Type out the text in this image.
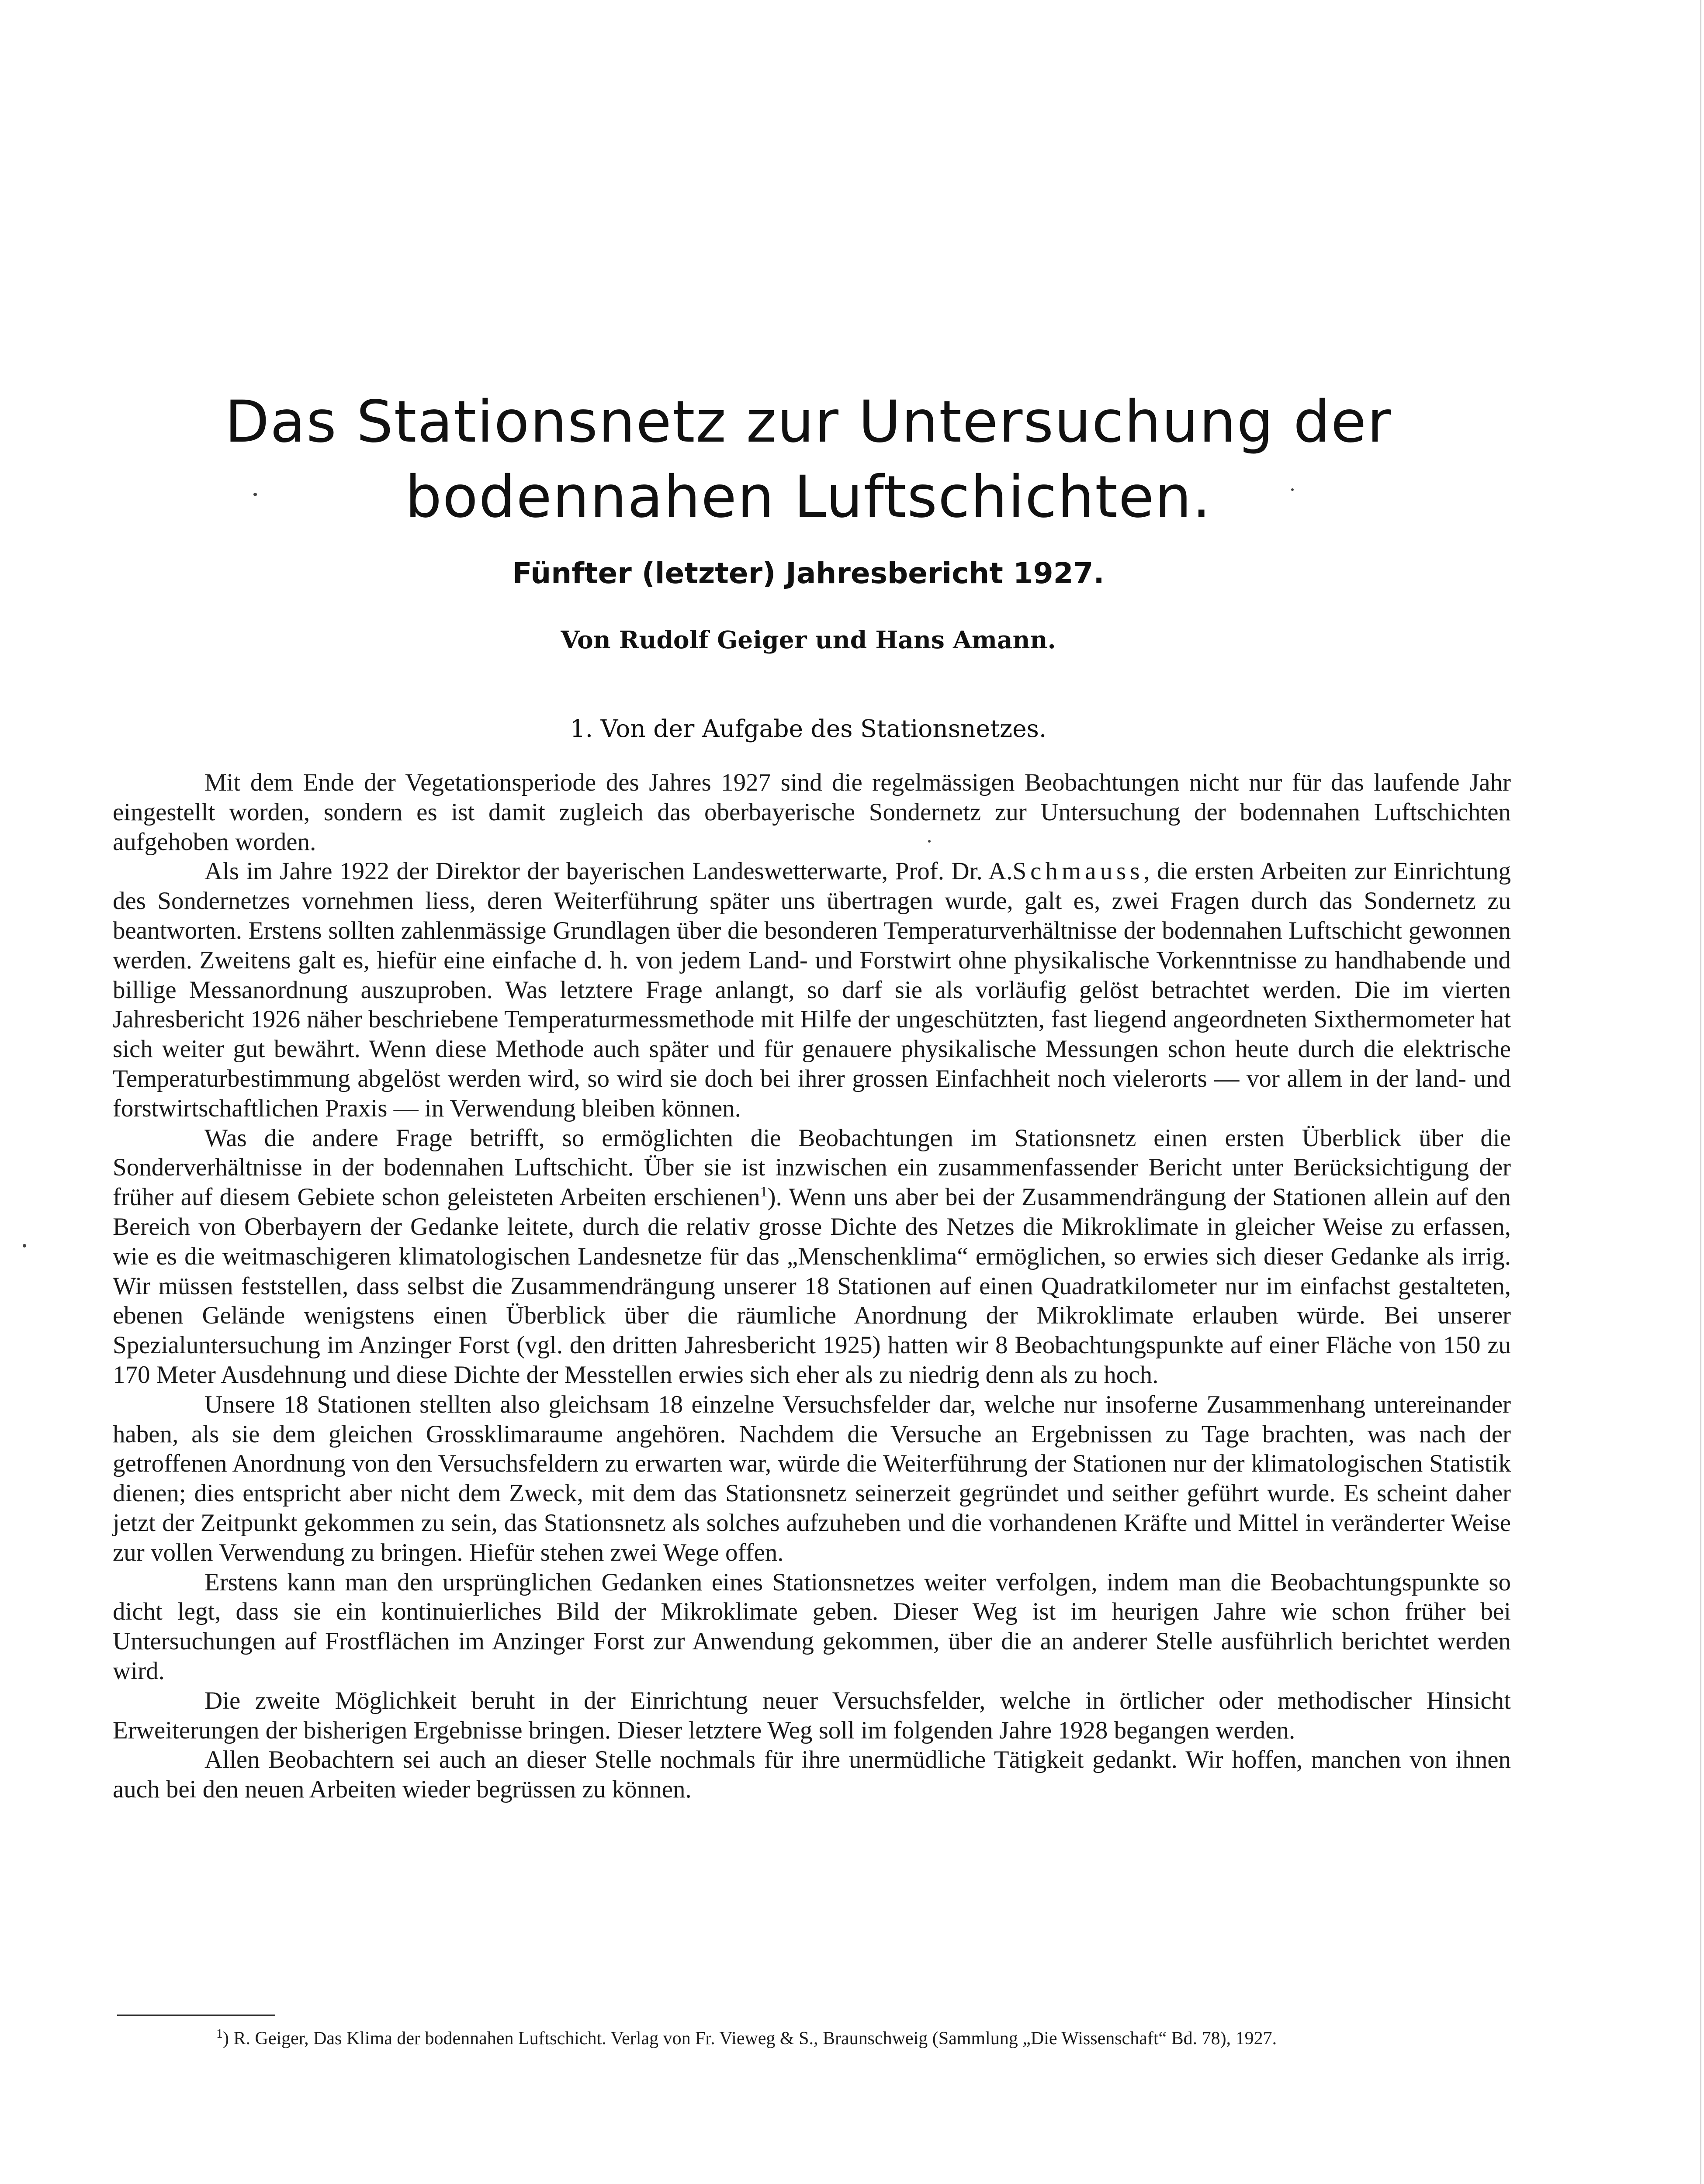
Das Stationsnetz zur Untersuchung der
bodennahen Luftschichten.
Fünfter (letzter) Jahresbericht 1927.
Von Rudolf Geiger und Hans Amann.
1. Von der Aufgabe des Stationsnetzes.

Mit dem Ende der Vegetationsperiode des Jahres 1927 sind die regelmässigen Beobachtungen nicht nur für das laufende Jahr eingestellt worden, sondern es ist damit zugleich das oberbayerische Sondernetz zur Untersuchung der bodennahen Luftschichten aufgehoben worden.

Als im Jahre 1922 der Direktor der bayerischen Landeswetterwarte, Prof. Dr. A.Schmauss, die ersten Arbeiten zur Einrichtung des Sondernetzes vornehmen liess, deren Weiterführung später uns übertragen wurde, galt es, zwei Fragen durch das Sondernetz zu beantworten. Erstens sollten zahlenmässige Grundlagen über die besonderen Temperaturverhältnisse der bodennahen Luftschicht gewonnen werden. Zweitens galt es, hiefür eine einfache d. h. von jedem Land- und Forstwirt ohne physikalische Vorkenntnisse zu handhabende und billige Messanordnung auszuproben. Was letztere Frage anlangt, so darf sie als vorläufig gelöst betrachtet werden. Die im vierten Jahresbericht 1926 näher beschriebene Temperaturmessmethode mit Hilfe der ungeschützten, fast liegend angeordneten Sixthermometer hat sich weiter gut bewährt. Wenn diese Methode auch später und für genauere physikalische Messungen schon heute durch die elektrische Temperaturbestimmung abgelöst werden wird, so wird sie doch bei ihrer grossen Einfachheit noch vielerorts — vor allem in der land- und forstwirtschaftlichen Praxis — in Verwendung bleiben können.

Was die andere Frage betrifft, so ermöglichten die Beobachtungen im Stationsnetz einen ersten Überblick über die Sonderverhältnisse in der bodennahen Luftschicht. Über sie ist inzwischen ein zusammenfassender Bericht unter Berücksichtigung der früher auf diesem Gebiete schon geleisteten Arbeiten erschienen$^1$). Wenn uns aber bei der Zusammendrängung der Stationen allein auf den Bereich von Oberbayern der Gedanke leitete, durch die relativ grosse Dichte des Netzes die Mikroklimate in gleicher Weise zu erfassen, wie es die weitmaschigeren klimatologischen Landesnetze für das „Menschenklima“ ermöglichen, so erwies sich dieser Gedanke als irrig. Wir müssen feststellen, dass selbst die Zusammendrängung unserer 18 Stationen auf einen Quadratkilometer nur im einfachst gestalteten, ebenen Gelände wenigstens einen Überblick über die räumliche Anordnung der Mikroklimate erlauben würde. Bei unserer Spezialuntersuchung im Anzinger Forst (vgl. den dritten Jahresbericht 1925) hatten wir 8 Beobachtungspunkte auf einer Fläche von 150 zu 170 Meter Ausdehnung und diese Dichte der Messtellen erwies sich eher als zu niedrig denn als zu hoch.

Unsere 18 Stationen stellten also gleichsam 18 einzelne Versuchsfelder dar, welche nur insoferne Zusammenhang untereinander haben, als sie dem gleichen Grossklimaraume angehören. Nachdem die Versuche an Ergebnissen zu Tage brachten, was nach der getroffenen Anordnung von den Versuchsfeldern zu erwarten war, würde die Weiterführung der Stationen nur der klimatologischen Statistik dienen; dies entspricht aber nicht dem Zweck, mit dem das Stationsnetz seinerzeit gegründet und seither geführt wurde. Es scheint daher jetzt der Zeitpunkt gekommen zu sein, das Stationsnetz als solches aufzuheben und die vorhandenen Kräfte und Mittel in veränderter Weise zur vollen Verwendung zu bringen. Hiefür stehen zwei Wege offen.

Erstens kann man den ursprünglichen Gedanken eines Stationsnetzes weiter verfolgen, indem man die Beobachtungspunkte so dicht legt, dass sie ein kontinuierliches Bild der Mikroklimate geben. Dieser Weg ist im heurigen Jahre wie schon früher bei Untersuchungen auf Frostflächen im Anzinger Forst zur Anwendung gekommen, über die an anderer Stelle ausführlich berichtet werden wird.

Die zweite Möglichkeit beruht in der Einrichtung neuer Versuchsfelder, welche in örtlicher oder methodischer Hinsicht Erweiterungen der bisherigen Ergebnisse bringen. Dieser letztere Weg soll im folgenden Jahre 1928 begangen werden.

Allen Beobachtern sei auch an dieser Stelle nochmals für ihre unermüdliche Tätigkeit gedankt. Wir hoffen, manchen von ihnen auch bei den neuen Arbeiten wieder begrüssen zu können.

$^1$) R. Geiger, Das Klima der bodennahen Luftschicht. Verlag von Fr. Vieweg & S., Braunschweig (Sammlung „Die Wissenschaft“ Bd. 78), 1927.
